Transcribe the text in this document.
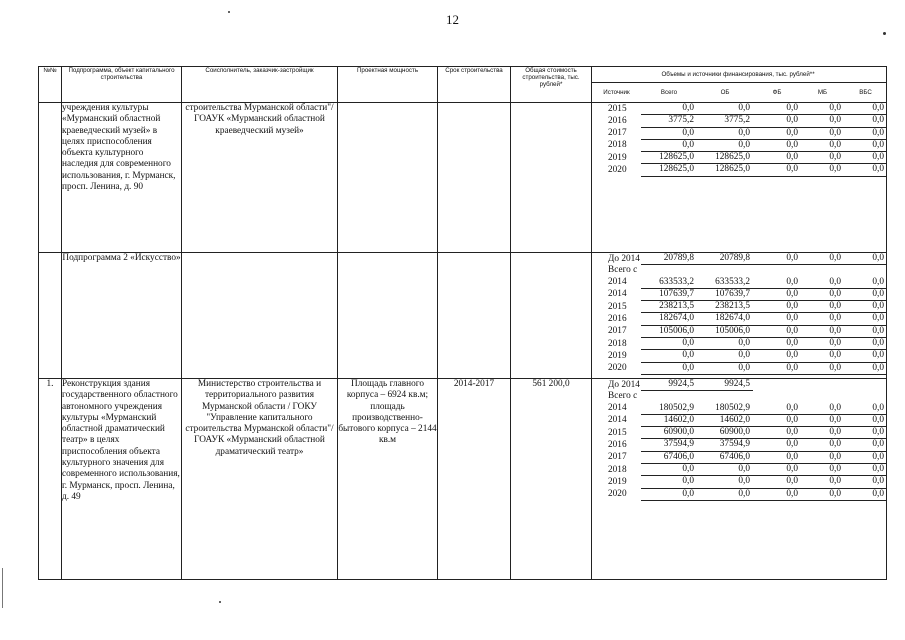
12
№№	Подпрограмма, объект капитального строительства	Соисполнитель, заказчик-застройщик	Проектная мощность	Срок строительства	Общая стоимость строительства, тыс. рублей*	
Объемы и источники финансирования, тыс. рублей**
Источник	Всего	ОБ	ФБ	МБ	ВБС

	учреждения культуры «Мурманский областной краеведческий музей» в целях приспособления объекта культурного наследия для современного использования, г. Мурманск, просп. Ленина, д. 90	строительства Мурманской области"/ГОАУК «Мурманский областной краеведческий музей»				
2015	0,0	0,0	0,0	0,0	0,0
2016	3775,2	3775,2	0,0	0,0	0,0
2017	0,0	0,0	0,0	0,0	0,0
2018	0,0	0,0	0,0	0,0	0,0
2019	128625,0	128625,0	0,0	0,0	0,0
2020	128625,0	128625,0	0,0	0,0	0,0

	Подпрограмма 2 «Искусство»						До 2014	20789,8	20789,8	0,0	0,0	0,0
Всего с					
2014	633533,2	633533,2	0,0	0,0	0,0
2014	107639,7	107639,7	0,0	0,0	0,0
2015	238213,5	238213,5	0,0	0,0	0,0
2016	182674,0	182674,0	0,0	0,0	0,0
2017	105006,0	105006,0	0,0	0,0	0,0
2018	0,0	0,0	0,0	0,0	0,0
2019	0,0	0,0	0,0	0,0	0,0
2020	0,0	0,0	0,0	0,0	0,0

1.	Реконструкция здания государственного областного автономного учреждения культуры «Мурманский областной драматический театр» в целях приспособления объекта культурного значения для современного использования, г. Мурманск, просп. Ленина, д. 49	Министерство строительства и территориального развития Мурманской области / ГОКУ "Управление капитального строительства Мурманской области"/ГОАУК «Мурманский областной драматический театр»	Площадь главного корпуса – 6924 кв.м; площадь производственно-бытового корпуса – 2144 кв.м	2014-2017	561 200,0		До 2014	9924,5	9924,5			
Всего с					
2014	180502,9	180502,9	0,0	0,0	0,0
2014	14602,0	14602,0	0,0	0,0	0,0
2015	60900,0	60900,0	0,0	0,0	0,0
2016	37594,9	37594,9	0,0	0,0	0,0
2017	67406,0	67406,0	0,0	0,0	0,0
2018	0,0	0,0	0,0	0,0	0,0
2019	0,0	0,0	0,0	0,0	0,0
2020	0,0	0,0	0,0	0,0	0,0
